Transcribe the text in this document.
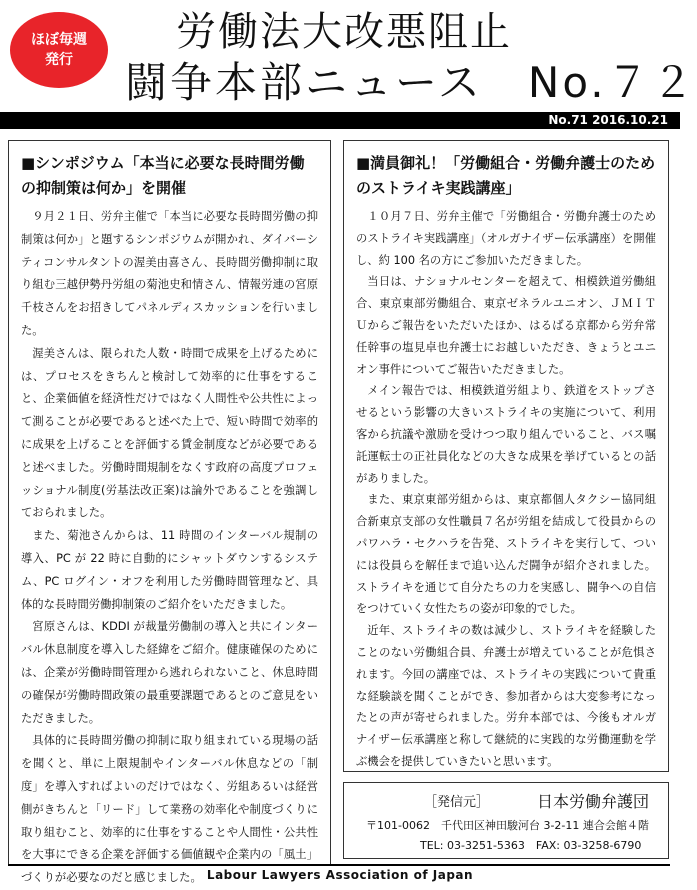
ほぼ毎週
発行
労働法大改悪阻止
闘争本部ニュース　No.７２
No.71 2016.10.21
■シンポジウム「本当に必要な長時間労働の抑制策は何か」を開催

９月２１日、労弁主催で「本当に必要な長時間労働の抑制策は何か」と題するシンポジウムが開かれ、ダイバーシティコンサルタントの渥美由喜さん、長時間労働抑制に取り組む三越伊勢丹労組の菊池史和情さん、情報労連の宮原千枝さんをお招きしてパネルディスカッションを行いました。

渥美さんは、限られた人数・時間で成果を上げるためには、プロセスをきちんと検討して効率的に仕事をすること、企業価値を経済性だけではなく人間性や公共性によって測ることが必要であると述べた上で、短い時間で効率的に成果を上げることを評価する賃金制度などが必要であると述べました。労働時間規制をなくす政府の高度プロフェッショナル制度(労基法改正案)は論外であることを強調しておられました。

また、菊池さんからは、11 時間のインターバル規制の導入、PC が 22 時に自動的にシャットダウンするシステム、PC ログイン・オフを利用した労働時間管理など、具体的な長時間労働抑制策のご紹介をいただきました。

宮原さんは、KDDI が裁量労働制の導入と共にインターバル休息制度を導入した経緯をご紹介。健康確保のためには、企業が労働時間管理から逃れられないこと、休息時間の確保が労働時間政策の最重要課題であるとのご意見をいただきました。

具体的に長時間労働の抑制に取り組まれている現場の話を聞くと、単に上限規制やインターバル休息などの「制度」を導入すればよいのだけではなく、労組あるいは経営側がきちんと「リード」して業務の効率化や制度づくりに取り組むこと、効率的に仕事をすることや人間性・公共性を大事にできる企業を評価する価値観や企業内の「風土」づくりが必要なのだと感じました。

■満員御礼！「労働組合・労働弁護士のためのストライキ実践講座」

１０月７日、労弁主催で「労働組合・労働弁護士のためのストライキ実践講座」（オルガナイザー伝承講座）を開催し、約 100 名の方にご参加いただきました。

当日は、ナショナルセンターを超えて、相模鉄道労働組合、東京東部労働組合、東京ゼネラルユニオン、ＪＭＩＴＵからご報告をいただいたほか、はるばる京都から労弁常任幹事の塩見卓也弁護士にお越しいただき、きょうとユニオン事件についてご報告いただきました。

メイン報告では、相模鉄道労組より、鉄道をストップさせるという影響の大きいストライキの実施について、利用客から抗議や激励を受けつつ取り組んでいること、バス嘱託運転士の正社員化などの大きな成果を挙げているとの話がありました。

また、東京東部労組からは、東京都個人タクシー協同組合新東京支部の女性職員７名が労組を結成して役員からのパワハラ・セクハラを告発、ストライキを実行して、ついには役員らを解任まで追い込んだ闘争が紹介されました。ストライキを通じて自分たちの力を実感し、闘争への自信をつけていく女性たちの姿が印象的でした。

近年、ストライキの数は減少し、ストライキを経験したことのない労働組合員、弁護士が増えていることが危惧されます。今回の講座では、ストライキの実践について貴重な経験談を聞くことができ、参加者からは大変参考になったとの声が寄せられました。労弁本部では、今後もオルガナイザー伝承講座と称して継続的に実践的な労働運動を学ぶ機会を提供していきたいと思います。

［発信元］	日本労働弁護団
〒101-0062　千代田区神田駿河台 3-2-11 連合会館４階
TEL: 03-3251-5363　FAX: 03-3258-6790
Labour Lawyers Association of Japan
